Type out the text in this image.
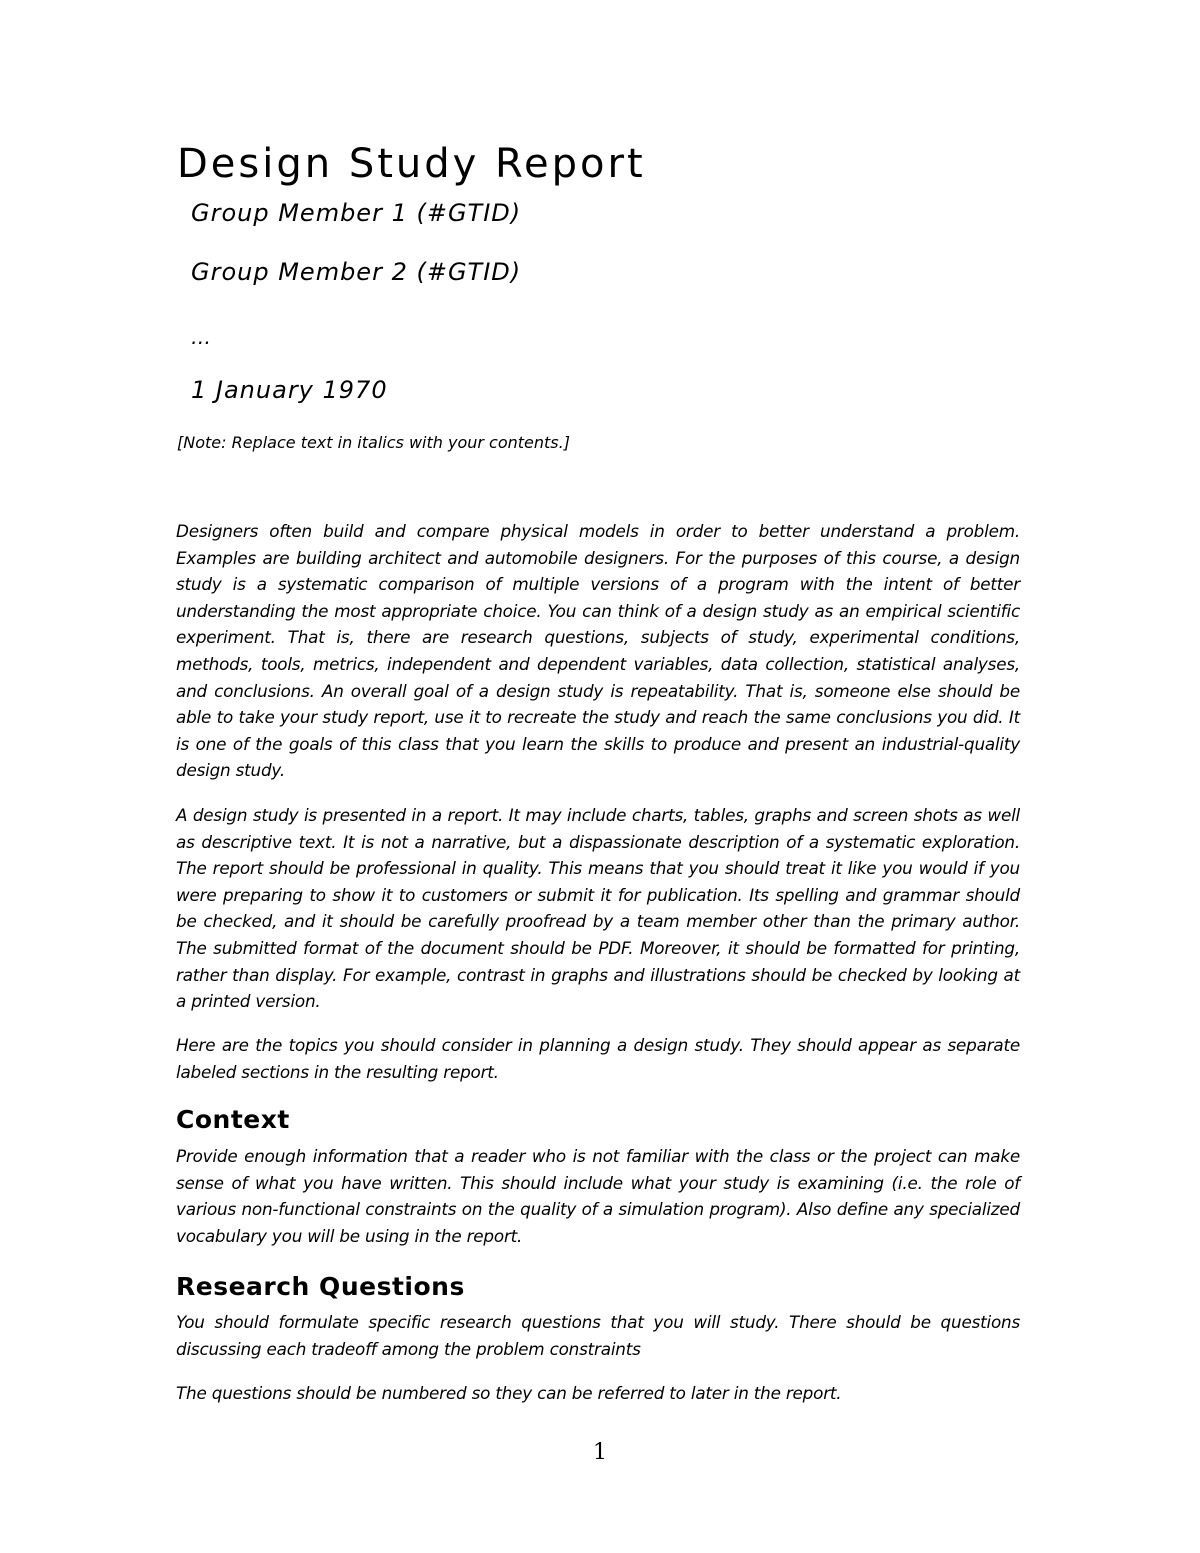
Design Study Report

Group Member 1 (#GTID)

Group Member 2 (#GTID)

…

1 January 1970

[Note: Replace text in italics with your contents.]

Designers often build and compare physical models in order to better understand a problem. Examples are building architect and automobile designers. For the purposes of this course, a design study is a systematic comparison of multiple versions of a program with the intent of better understanding the most appropriate choice. You can think of a design study as an empirical scientific experiment. That is, there are research questions, subjects of study, experimental conditions, methods, tools, metrics, independent and dependent variables, data collection, statistical analyses, and conclusions. An overall goal of a design study is repeatability. That is, someone else should be able to take your study report, use it to recreate the study and reach the same conclusions you did. It is one of the goals of this class that you learn the skills to produce and present an industrial-quality design study.

A design study is presented in a report. It may include charts, tables, graphs and screen shots as well as descriptive text. It is not a narrative, but a dispassionate description of a systematic exploration. The report should be professional in quality. This means that you should treat it like you would if you were preparing to show it to customers or submit it for publication. Its spelling and grammar should be checked, and it should be carefully proofread by a team member other than the primary author. The submitted format of the document should be PDF. Moreover, it should be formatted for printing, rather than display. For example, contrast in graphs and illustrations should be checked by looking at a printed version.

Here are the topics you should consider in planning a design study. They should appear as separate labeled sections in the resulting report.

Context

Provide enough information that a reader who is not familiar with the class or the project can make sense of what you have written. This should include what your study is examining (i.e. the role of various non-functional constraints on the quality of a simulation program). Also define any specialized vocabulary you will be using in the report.

Research Questions

You should formulate specific research questions that you will study. There should be questions discussing each tradeoff among the problem constraints

The questions should be numbered so they can be referred to later in the report.

1
